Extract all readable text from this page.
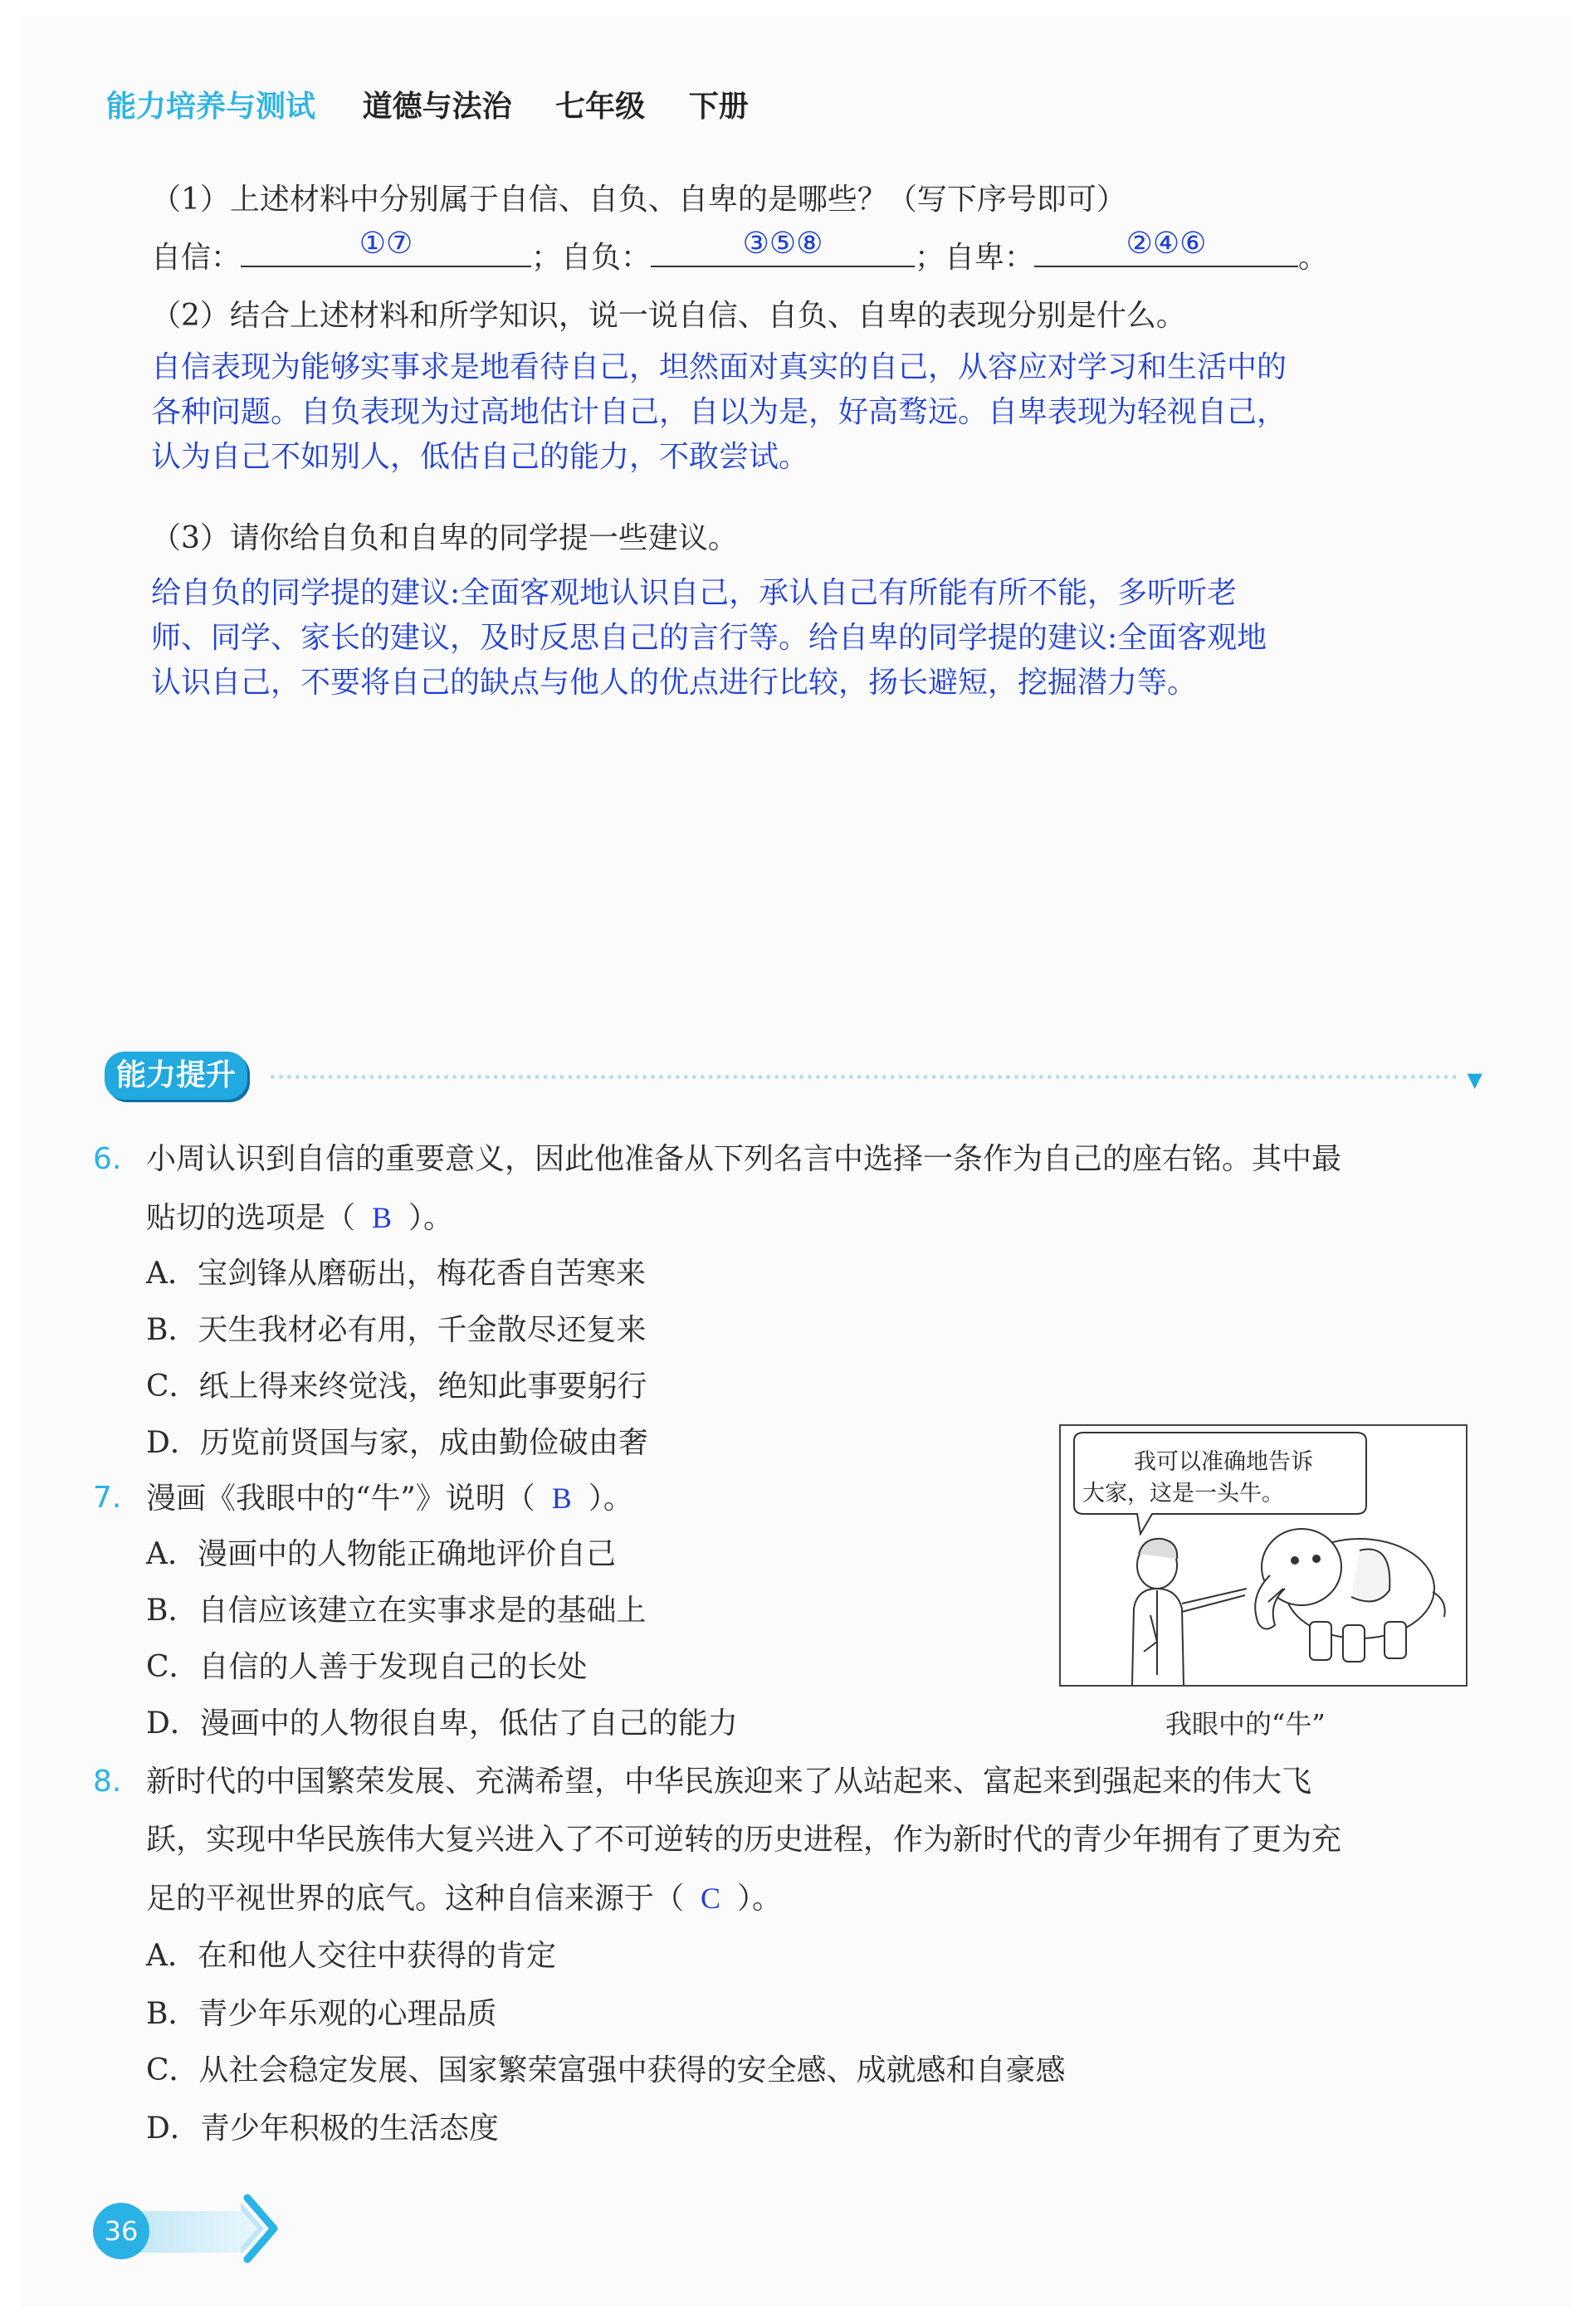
能力培养与测试 道德与法治 七年级 下册
（1）上述材料中分别属于自信、自负、自卑的是哪些？（写下序号即可）
自信：	①⑦	；自负：	③⑤⑧	；自卑：	②④⑥	。
（2）结合上述材料和所学知识，说一说自信、自负、自卑的表现分别是什么。
自信表现为能够实事求是地看待自己，坦然面对真实的自己，从容应对学习和生活中的
各种问题。自负表现为过高地估计自己，自以为是，好高骛远。自卑表现为轻视自己，
认为自己不如别人，低估自己的能力，不敢尝试。
（3）请你给自负和自卑的同学提一些建议。
给自负的同学提的建议:全面客观地认识自己，承认自己有所能有所不能，多听听老
师、同学、家长的建议，及时反思自己的言行等。给自卑的同学提的建议:全面客观地
认识自己，不要将自己的缺点与他人的优点进行比较，扬长避短，挖掘潜力等。
能力提升	▼
6. 小周认识到自信的重要意义，因此他准备从下列名言中选择一条作为自己的座右铭。其中最
贴切的选项是（ B ）。
A．宝剑锋从磨砺出，梅花香自苦寒来
B．天生我材必有用，千金散尽还复来
C．纸上得来终觉浅，绝知此事要躬行
D．历览前贤国与家，成由勤俭破由奢
7. 漫画《我眼中的“牛”》说明（ B ）。
A．漫画中的人物能正确地评价自己
B．自信应该建立在实事求是的基础上
C．自信的人善于发现自己的长处
D．漫画中的人物很自卑，低估了自己的能力
我可以准确地告诉
大家，这是一头牛。
我眼中的“牛”
8. 新时代的中国繁荣发展、充满希望，中华民族迎来了从站起来、富起来到强起来的伟大飞
跃，实现中华民族伟大复兴进入了不可逆转的历史进程，作为新时代的青少年拥有了更为充
足的平视世界的底气。这种自信来源于（ C ）。
A．在和他人交往中获得的肯定
B．青少年乐观的心理品质
C．从社会稳定发展、国家繁荣富强中获得的安全感、成就感和自豪感
D．青少年积极的生活态度
36
